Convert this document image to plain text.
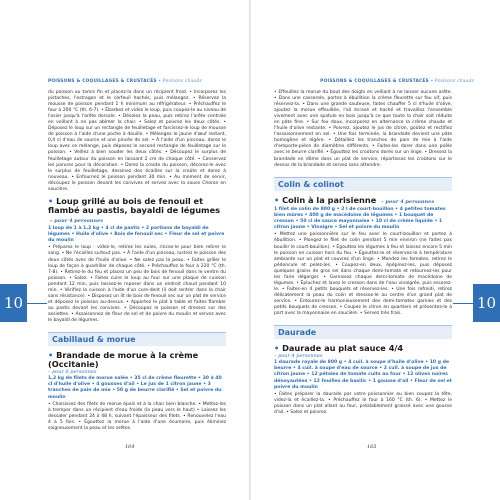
POISSONS & COQUILLAGES & CRUSTACÉS • Poissons chauds
10

du poisson au tamis fin et placez-la dans un récipient froid. • Incorporez les pistaches, l'estragon et le cerfeuil hachés, puis mélangez. • Réservez la mousse de poisson pendant 1 h minimum au réfrigérateur. • Préchauffez le four à 200 °C (th. 6-7). • Ébarbez et videz le loup, puis coupez-le au niveau de l'osier jusqu'à l'arête dorsale. • Désolez la peau, puis retirez l'arête centrale en veillant à ne pas abîmer la chair. • Salez et poivrez les deux côtés. • Déposez le loup sur un rectangle de feuilletage et farcissez-le loup de mousse de poisson à l'aide d'une poche à douille. • Mélangez le jaune d'œuf restant, 0,4 cl d'eau de source et une pincée de sel. • À l'aide d'un pinceau, dorez le loup avec ce mélange, puis déposez le second rectangle de feuilletage sur le poisson. • Veillez à bien souder les deux côtés. • Découpez le surplus de feuilletage autour du poisson en laissant 2 cm de chaque côté. • Conservez les parures pour la décoration. • Dorez la croûte du poisson, décorez-le avec le surplus de feuilletage, dessinez des écailles sur la croûte et dorez à nouveau. • Enfournez le poisson pendant 30 min. • Au moment de servir, découpez le poisson devant les convives et servez avec la sauce Choron en saucière.

• Loup grillé au bois de fenouil et flambé au pastis, bayaldi de légumes – pour 4 personnes

1 loup de 1 à 1,2 kg • 4 cl de pastis • 2 portions de bayaldi de légumes • Huile d'olive • Bois de fenouil sec • Fleur de sel et poivre du moulin

• Préparez le loup : videz-le, retirez les ouïes, rincez-le pour bien retirer le sang. • Ne l'écaillez surtout pas. • À l'aide d'un pinceau, lustrez le poisson des deux côtés avec de l'huile d'olive. • Ne salez pas la peau. • Faites griller le loup de façon à quadriller de chaque côté. • Préchauffez le four à 220 °C (th. 7-8). • Retirez-le du feu et placez un peu de bois de fenouil dans le ventre du poisson. • Salez. • Faites cuire le loup au four sur une plaque de cuisson pendant 12 min, puis laissez-le reposer dans un endroit chaud pendant 10 min. • Vérifiez la cuisson à l'aide d'un cure-dent (il doit rentrer dans la chair sans résistance). • Disposez un lit de bois de fenouil sec sur un plat de service et déposez le poisson au-dessus. • Apportez le plat à table et faites flamber au pastis devant les convives. • Découpez le poisson et dressez sur des assiettes. • Assaisonnez de fleur de sel et de poivre du moulin et servez avec le bayaldi de légumes.

Cabillaud & morue

• Brandade de morue à la crème (Occitanie)

– pour 6 personnes

1,2 kg de filets de morue salée • 35 cl de crème fleurette • 30 à 40 cl d'huile d'olive • 4 gousses d'ail • Le jus de 1 citron jaune • 3 tranches de pain de mie • 50 g de beurre clarifié • Sel et poivre du moulin

• Choisissez des filets de morue épais et à la chair bien blanche. • Mettez-les à tremper dans un récipient d'eau froide (la peau vers le haut) • Laissez les dessaler pendant 24 à 48 h, suivant l'épaisseur des filets. • Renouvelez l'eau 4 à 5 fois. • Égouttez la morue à l'aide d'une écumoire, puis éliminez soigneusement la peau et les arêtes.

164
POISSONS & COQUILLAGES & CRUSTACÉS • Poissons chauds
10

• Effeuillez la morue du bout des doigts en veillant à ne laisser aucune arête. • Dans une casserole, portez à ébullition la crème fleurette sur feu vif, puis réservez-la. • Dans une grande sauteuse, faites chauffer 5 cl d'huile d'olive, ajoutez la morue effeuillée, l'ail écrasé et haché et travaillez l'ensemble vivement avec une spatule en bois jusqu'à ce que toute la chair soit réduite en pâte fine. • Sur feu doux, incorporez en alternance la crème chaude et l'huile d'olive restante. • Poivrez, ajoutez le jus de citron, goûtez et rectifiez l'assaisonnement en sel. • Une fois terminée, la brandade devient une pâte homogène et légère. • Détaillez les tranches de pain de mie à l'aide d'emporte-pièce de diamètres différents. • Faites-les dorer dans une poêle avec le beurre clarifié. • Égouttez les croûtons dorés sur un linge. • Dressez la brandade en dôme dans un plat de service, répartissez les croûtons sur le dessus de la brandade et servez sans attendre.

Colin & colinot

• Colin à la parisienne – pour 4 personnes

1 filet de colin de 800 g • 2 l de court-bouillon • 4 petites tomates bien mûres • 400 g de macédoine de légumes • 1 bouquet de cresson • 50 cl de sauce mayonnaise • 10 cl de crème liquide • 1 citron jaune • Vinaigre • Sel et poivre du moulin

• Mettez une poissonnière sur le feu avec le court-bouillon et portez à ébullition. • Plongez le filet de colin pendant 5 min environ (ne faites pas bouillir le court-bouillon). • Égouttez les légumes à feu et laissez encore 5 min le poisson en cuisson hors du feu. • Égouttez-le et réservez-le à température ambiante sur un plat et couvrez d'un linge. • Mondez les tomates, retirez le pédoncule et pelez-les. • Coupez-en deux, épépinez-les, puis déposez quelques grains de gros sel dans chaque demi-tomate et retournez-les pour les faire dégorger. • Garnissez chaque demi-tomate de macédoine de légumes. • Épluchez et lavez le cresson dans de l'eau vinaigrée, puis essorez-le. • Faites-en 4 petits bouquets et réservez-les. • Une fois refroidi, retirez délicatement la peau du colin et dressez-le au centre d'un grand plat de service. • Entourez-le harmonieusement des demi-tomates garnies et des petits bouquets de cresson. • Coupez le citron en quartiers et présentez-le à part avec la mayonnaise en saucière. • Servez très frais.

Daurade

• Daurade au plat sauce 4/4

– pour 4 personnes

1 daurade royale de 800 g • 4 cuil. à soupe d'huile d'olive • 10 g de beurre • 4 cuil. à soupe d'eau de source • 2 cuil. à soupe de jus de citron jaune • 12 pétales de tomate cuits au four • 12 olives noires dénoyautées • 12 feuilles de basilic • 1 gousse d'ail • Fleur de sel et poivre du moulin

• Faites préparer la daurade par votre poissonnier ou bien coupez la tête, videz-la et écaillez-la. • Préchauffez le four à 160 °C (th. 6). • Mettez le poisson dans un plat allant au four, préalablement graissé avec une gousse d'ail. • Salez et poivrez.

165
